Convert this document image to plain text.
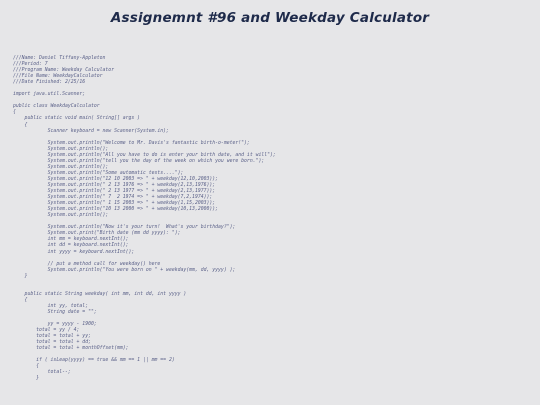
Assignemnt #96 and Weekday Calculator
///Name: Daniel Tiffany-Appleton
///Period: 7
///Program Name: Weekday Calculator
///File Name: WeekdayCalculator
///Date Finished: 2/25/16
import java.util.Scanner;
public class WeekdayCalculator
{
public static void main( String[] args )
{
Scanner keyboard = new Scanner(System.in);
System.out.println("Welcome to Mr. Davis's fantastic birth-o-meter!");
System.out.println();
System.out.println("All you have to do is enter your birth date, and it will");
System.out.println("tell you the day of the week on which you were born.");
System.out.println();
System.out.println("Some automatic tests....");
System.out.println("12 10 2003 => " + weekday(12,10,2003));
System.out.println(" 2 13 1976 => " + weekday(2,13,1976));
System.out.println(" 2 13 1977 => " + weekday(2,13,1977));
System.out.println(" 7  2 1974 => " + weekday(7,2,1974));
System.out.println(" 1 15 2003 => " + weekday(1,15,2003));
System.out.println("10 13 2000 => " + weekday(10,13,2000));
System.out.println();
System.out.println("Now it's your turn!  What's your birthday?");
System.out.print("Birth date (mm dd yyyy): ");
int mm = keyboard.nextInt();
int dd = keyboard.nextInt();
int yyyy = keyboard.nextInt();
// put a method call for weekday() here
System.out.println("You were born on " + weekday(mm, dd, yyyy) );
}
public static String weekday( int mm, int dd, int yyyy )
{
int yy, total;
String date = "";
yy = yyyy - 1900;
total = yy / 4;
total = total + yy;
total = total + dd;
total = total + monthOffset(mm);
if ( isLeap(yyyy) == true && mm == 1 || mm == 2)
{
total--;
}
